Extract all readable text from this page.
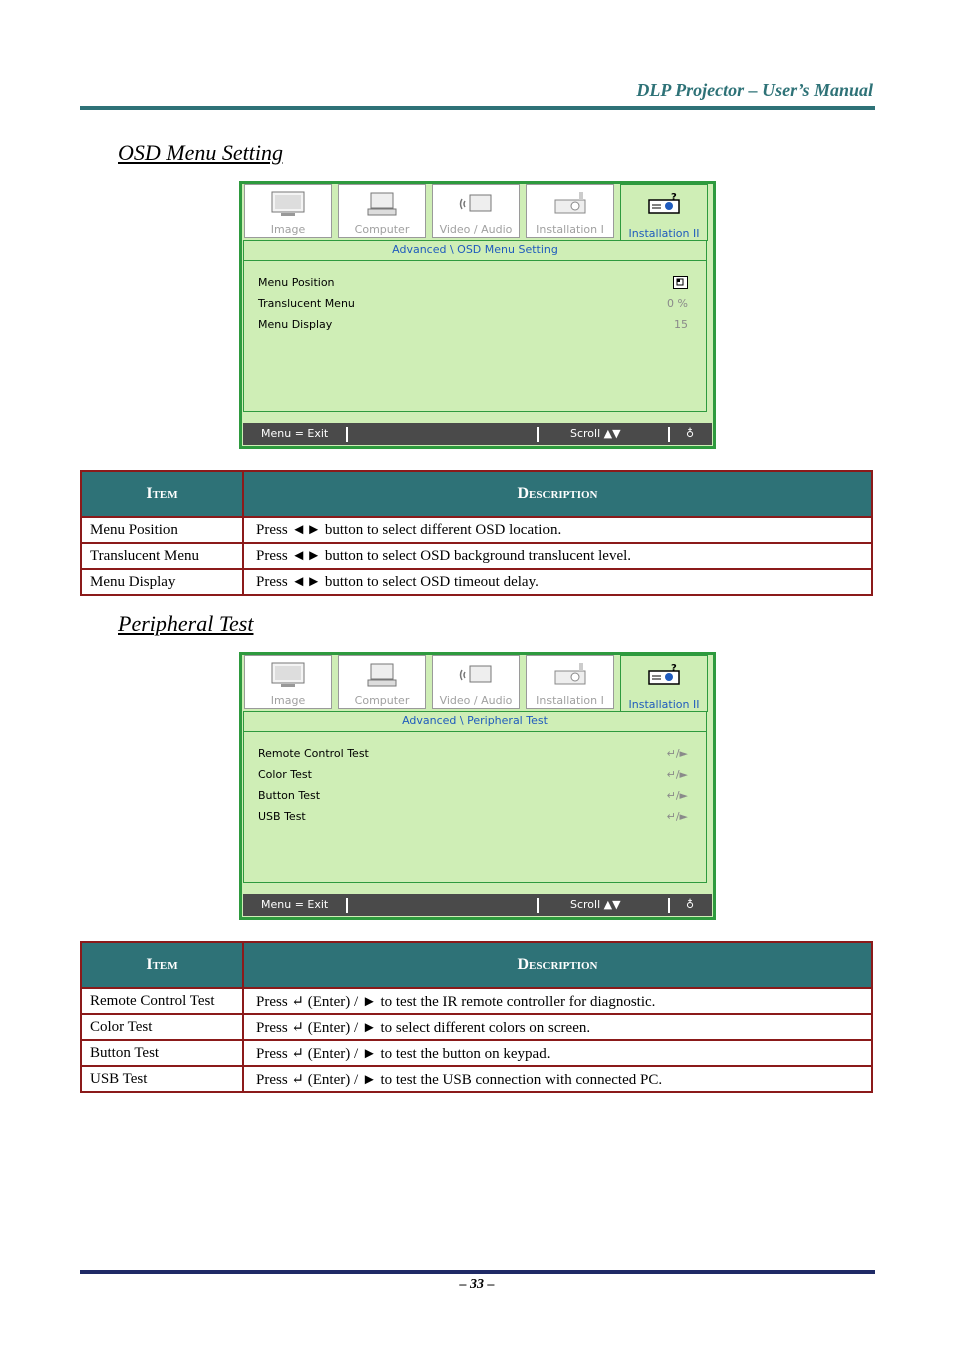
DLP Projector – User’s Manual
OSD Menu Setting
Image	Computer	Video / Audio	Installation I
?
Installation II
Advanced \ OSD Menu Setting
Menu Position
Translucent Menu	0 %
Menu Display	15
Menu = Exit	Scroll ▲▼	♁
Item	Description
Menu Position	Press ◄► button to select different OSD location.
Translucent Menu	Press ◄► button to select OSD background translucent level.
Menu Display	Press ◄► button to select OSD timeout delay.
Peripheral Test
Image	Computer	Video / Audio	Installation I
?
Installation II
Advanced \ Peripheral Test
Remote Control Test	↵/►
Color Test	↵/►
Button Test	↵/►
USB Test	↵/►
Menu = Exit	Scroll ▲▼	♁
Item	Description
Remote Control Test	Press ↵ (Enter) / ► to test the IR remote controller for diagnostic.
Color Test	Press ↵ (Enter) / ► to select different colors on screen.
Button Test	Press ↵ (Enter) / ► to test the button on keypad.
USB Test	Press ↵ (Enter) / ► to test the USB connection with connected PC.
– 33 –
